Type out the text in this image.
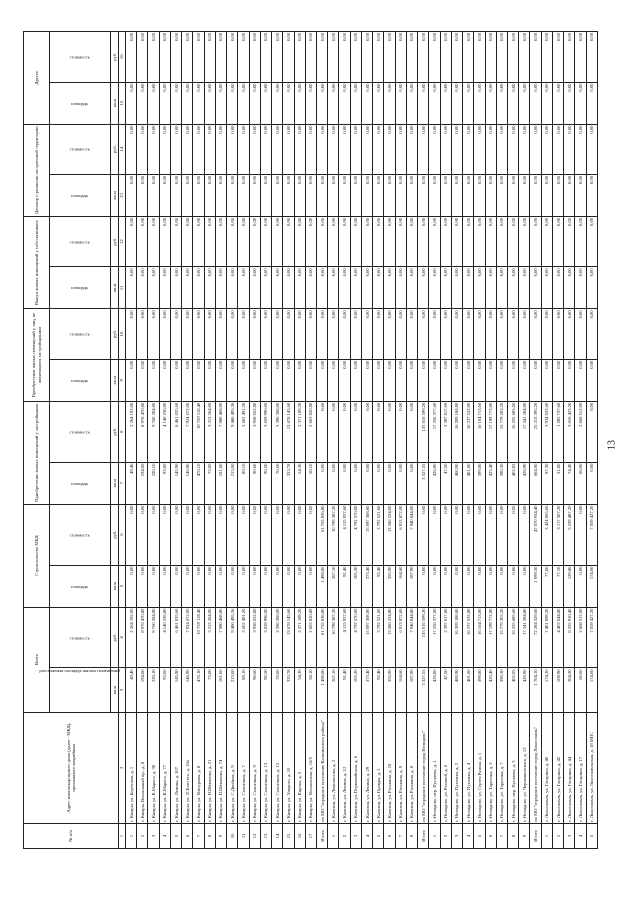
13
№ п/п	Адрес многоквартирного дома (далее - МКД), признанного аварийным	Всего		Строительство МКД		Приобретение жилых помещений у застройщиков		Приобретение жилых помещений у лиц, не являющихся застройщиками		Выкуп жилых помещений у собственников		Договор о развитии застроенной территории		Другое	
		расселяемая площадь жилых помещений	стоимость	площадь	стоимость	площадь	стоимость	площадь	стоимость	площадь	стоимость	площадь	стоимость	площадь	стоимость
		кв.м	руб.	кв.м	руб.	кв.м	руб.	кв.м	руб.	кв.м	руб.	кв.м	руб.	кв.м	руб.
1	2	3	4	5	6	7	8	9	10	11	12	13	14	15	16
1	г. Кимры, ул. Береговая, д. 1	49,40	2 264 192,00	0,00	0,00	49,40	2 264 192,00	0,00	0,00	0,00	0,00	0,00	0,00	0,00	0,00
2	г. Кимры, Вокзальный пр., д. 8	194,00	8 976 470,80	0,00	0,00	194,00	8 976 470,80	0,00	0,00	0,00	0,00	0,00	0,00	0,00	0,00
3	г. Кимры, ул. К.Маркса, д. 30	220,10	9 760 284,80	0,00	0,00	220,10	9 760 284,80	0,00	0,00	0,00	0,00	0,00	0,00	0,00	0,00
4	г. Кимры, ул. К.Маркса, д. 77	93,00	4 140 236,80	0,00	0,00	93,00	4 140 236,80	0,00	0,00	0,00	0,00	0,00	0,00	0,00	0,00
5	г. Кимры, ул. Ленина, д. 107	145,90	6 461 035,60	0,00	0,00	145,90	6 461 035,60	0,00	0,00	0,00	0,00	0,00	0,00	0,00	0,00
6	г. Кимры, ул. Л.Толстого, д. 18а	146,90	7 924 672,00	0,00	0,00	146,90	7 924 672,00	0,00	0,00	0,00	0,00	0,00	0,00	0,00	0,00
7	г. Кимры, ул. Мичурина, д. 8	476,10	19 759 118,40	0,00	0,00	476,10	19 759 118,40	0,00	0,00	0,00	0,00	0,00	0,00	0,00	0,00
8	г. Кимры, ул. Н.Шевченко, д. 21	73,00	3 313 264,00	0,00	0,00	73,00	3 313 264,00	0,00	0,00	0,00	0,00	0,00	0,00	0,00	0,00
9	г. Кимры, ул. Н.Шевченко, д. 74	181,60	7 980 468,80	0,00	0,00	181,60	7 980 468,80	0,00	0,00	0,00	0,00	0,00	0,00	0,00	0,00
10	г. Кимры, ул. С.Двойная, д. 9	213,00	9 480 495,36	0,00	0,00	213,00	9 480 495,36	0,00	0,00	0,00	0,00	0,00	0,00	0,00	0,00
11	г. Кимры, ул. Солнечная, д. 7	89,10	3 602 491,20	0,00	0,00	89,10	3 602 491,20	0,00	0,00	0,00	0,00	0,00	0,00	0,00	0,00
12	г. Кимры, ул. Солнечная, д. 9	90,60	3 958 052,80	0,00	0,00	90,60	3 958 052,80	0,00	0,00	0,00	0,00	0,00	0,00	0,00	0,00
13	г. Кимры, ул. Солнечная, д. 13	90,50	3 659 996,00	0,00	0,00	90,50	3 659 996,00	0,00	0,00	0,00	0,00	0,00	0,00	0,00	0,00
14	г. Кимры, ул. Солнечная, д. 15	70,60	3 396 288,00	0,00	0,00	70,60	3 396 288,00	0,00	0,00	0,00	0,00	0,00	0,00	0,00	0,00
15	г. Кимры, ул. Уицкого, д. 10	333,78	13 678 145,60	0,00	0,00	333,78	13 678 145,60	0,00	0,00	0,00	0,00	0,00	0,00	0,00	0,00
16	г. Кимры, ул. Кирова, д. 5	54,30	2 371 189,20	0,00	0,00	54,30	2 371 189,20	0,00	0,00	0,00	0,00	0,00	0,00	0,00	0,00
17	г. Кимры, ул. Московская, д. 16/5	58,10	2 603 820,80	0,00	0,00	58,10	2 603 820,80	0,00	0,00	0,00	0,00	0,00	0,00	0,00	0,00
Итого	по МО "городское поселение Калязинского района"	1 498,00	61 755 836,80	1 498,00	61 755 836,80	0,00	0,00	0,00	0,00	0,00	0,00	0,00	0,00	0,00	0,00
1	г. Калязин, ул. Ломоносова, д. 2	267,10	10 799 387,20	267,10	10 799 387,20	0,00	0,00	0,00	0,00	0,00	0,00	0,00	0,00	0,00	0,00
2	г. Калязин, ул. Ленина, д. 12	91,40	4 115 937,60	91,40	4 115 937,60	0,00	0,00	0,00	0,00	0,00	0,00	0,00	0,00	0,00	0,00
3	г. Калязин, ул. Первомайская, д. 6	105,30	4 792 570,00	105,30	4 792 570,00	0,00	0,00	0,00	0,00	0,00	0,00	0,00	0,00	0,00	0,00
4	г. Калязин, ул. Ленина, д. 29	373,40	15 097 308,80	373,40	15 097 308,80	0,00	0,00	0,00	0,00	0,00	0,00	0,00	0,00	0,00	0,00
5	г. Калязин, ул. Правды, д. 1	92,40	3 792 521,60	92,40	3 792 521,60	0,00	0,00	0,00	0,00	0,00	0,00	0,00	0,00	0,00	0,00
6	г. Калязин, ул. Ратькина, д. 10	355,90	13 586 224,80	355,90	13 586 224,80	0,00	0,00	0,00	0,00	0,00	0,00	0,00	0,00	0,00	0,00
7	г. Калязин, ул. Ратькина, д. 9	164,60	6 913 872,00	164,60	6 913 872,00	0,00	0,00	0,00	0,00	0,00	0,00	0,00	0,00	0,00	0,00
8	г. Калязин, ул. Ратькина, д. 8	187,90	7 940 844,80	187,90	7 940 844,80	0,00	0,00	0,00	0,00	0,00	0,00	0,00	0,00	0,00	0,00
Итого	по МО "городское поселение город Нелидово"	3 327,55	135 016 599,20	0,00	0,00	3 327,55	135 016 599,20	0,00	0,00	0,00	0,00	0,00	0,00	0,00	0,00
1	г. Нелидово, пер. Пугачева, д. 1	426,80	17 256 377,60	0,00	0,00	426,80	17 256 377,60	0,00	0,00	0,00	0,00	0,00	0,00	0,00	0,00
2	г. Нелидово, ул. Раховой, д. 6	47,50	2 397 617,00	0,00	0,00	47,50	2 397 617,00	0,00	0,00	0,00	0,00	0,00	0,00	0,00	0,00
3	г. Нелидово, ул. Пугачева, д. 2	400,90	16 209 188,80	0,00	0,00	400,90	16 209 188,80	0,00	0,00	0,00	0,00	0,00	0,00	0,00	0,00
4	г. Нелидово, ул. Пугачева, д. 4	401,60	16 237 532,80	0,00	0,00	401,60	16 237 532,80	0,00	0,00	0,00	0,00	0,00	0,00	0,00	0,00
5	г. Нелидово, ул. Сергея Разина, д. 1	399,80	16 164 713,60	0,00	0,00	399,80	16 164 713,60	0,00	0,00	0,00	0,00	0,00	0,00	0,00	0,00
6	г. Нелидово, ул. Тарусина, д. 3	425,40	17 199 772,80	0,00	0,00	425,40	17 199 772,80	0,00	0,00	0,00	0,00	0,00	0,00	0,00	0,00
7	г. Нелидово, ул. Тарусина, д. 7	390,30	15 779 203,20	0,00	0,00	390,30	15 779 203,20	0,00	0,00	0,00	0,00	0,00	0,00	0,00	0,00
8	г. Нелидово, пер. Пугачева, д. 3	402,05	16 255 685,60	0,00	0,00	402,05	16 255 685,60	0,00	0,00	0,00	0,00	0,00	0,00	0,00	0,00
9	г. Нелидово, ул. Чернышевского, д. 12	428,90	17 341 284,80	0,00	0,00	428,90	17 341 284,80	0,00	0,00	0,00	0,00	0,00	0,00	0,00	0,00
Итого	по МО "городское поселение город Лихославль"	1 704,10	72 284 329,60	1 099,50	47 070 934,40	604,60	25 213 395,20	0,00	0,00	0,00	0,00	0,00	0,00	0,00	0,00
1	г. Лихославль, ул. Гагарина, д. 40	174,30	7 401 099,20	77,00	3 424 065,60	97,30	3 934 033,60	0,00	0,00	0,00	0,00	0,00	0,00	0,00	0,00
2	г. Лихославль, ул. Гагарина, д. 42	108,90	4 403 044,80	77,10	3 117 307,20	31,80	1 285 737,60	0,00	0,00	0,00	0,00	0,00	0,00	0,00	0,00
3	г. Лихославль, ул. Гагарина, д. 44	204,20	8 255 910,40	129,80	5 239 487,20	74,40	3 016 423,20	0,00	0,00	0,00	0,00	0,00	0,00	0,00	0,00
4	г. Лихославль, ул. Гагарина, д. 17	66,00	2 668 512,00	0,00	0,00	66,00	2 668 512,00	0,00	0,00	0,00	0,00	0,00	0,00	0,00	0,00
5	г. Лихославль, ул. Лихославльская, д. 18 МПС	174,60	7 059 427,20	174,60	7 059 427,20	0,00	0,00	0,00	0,00	0,00	0,00	0,00	0,00	0,00	0,00
